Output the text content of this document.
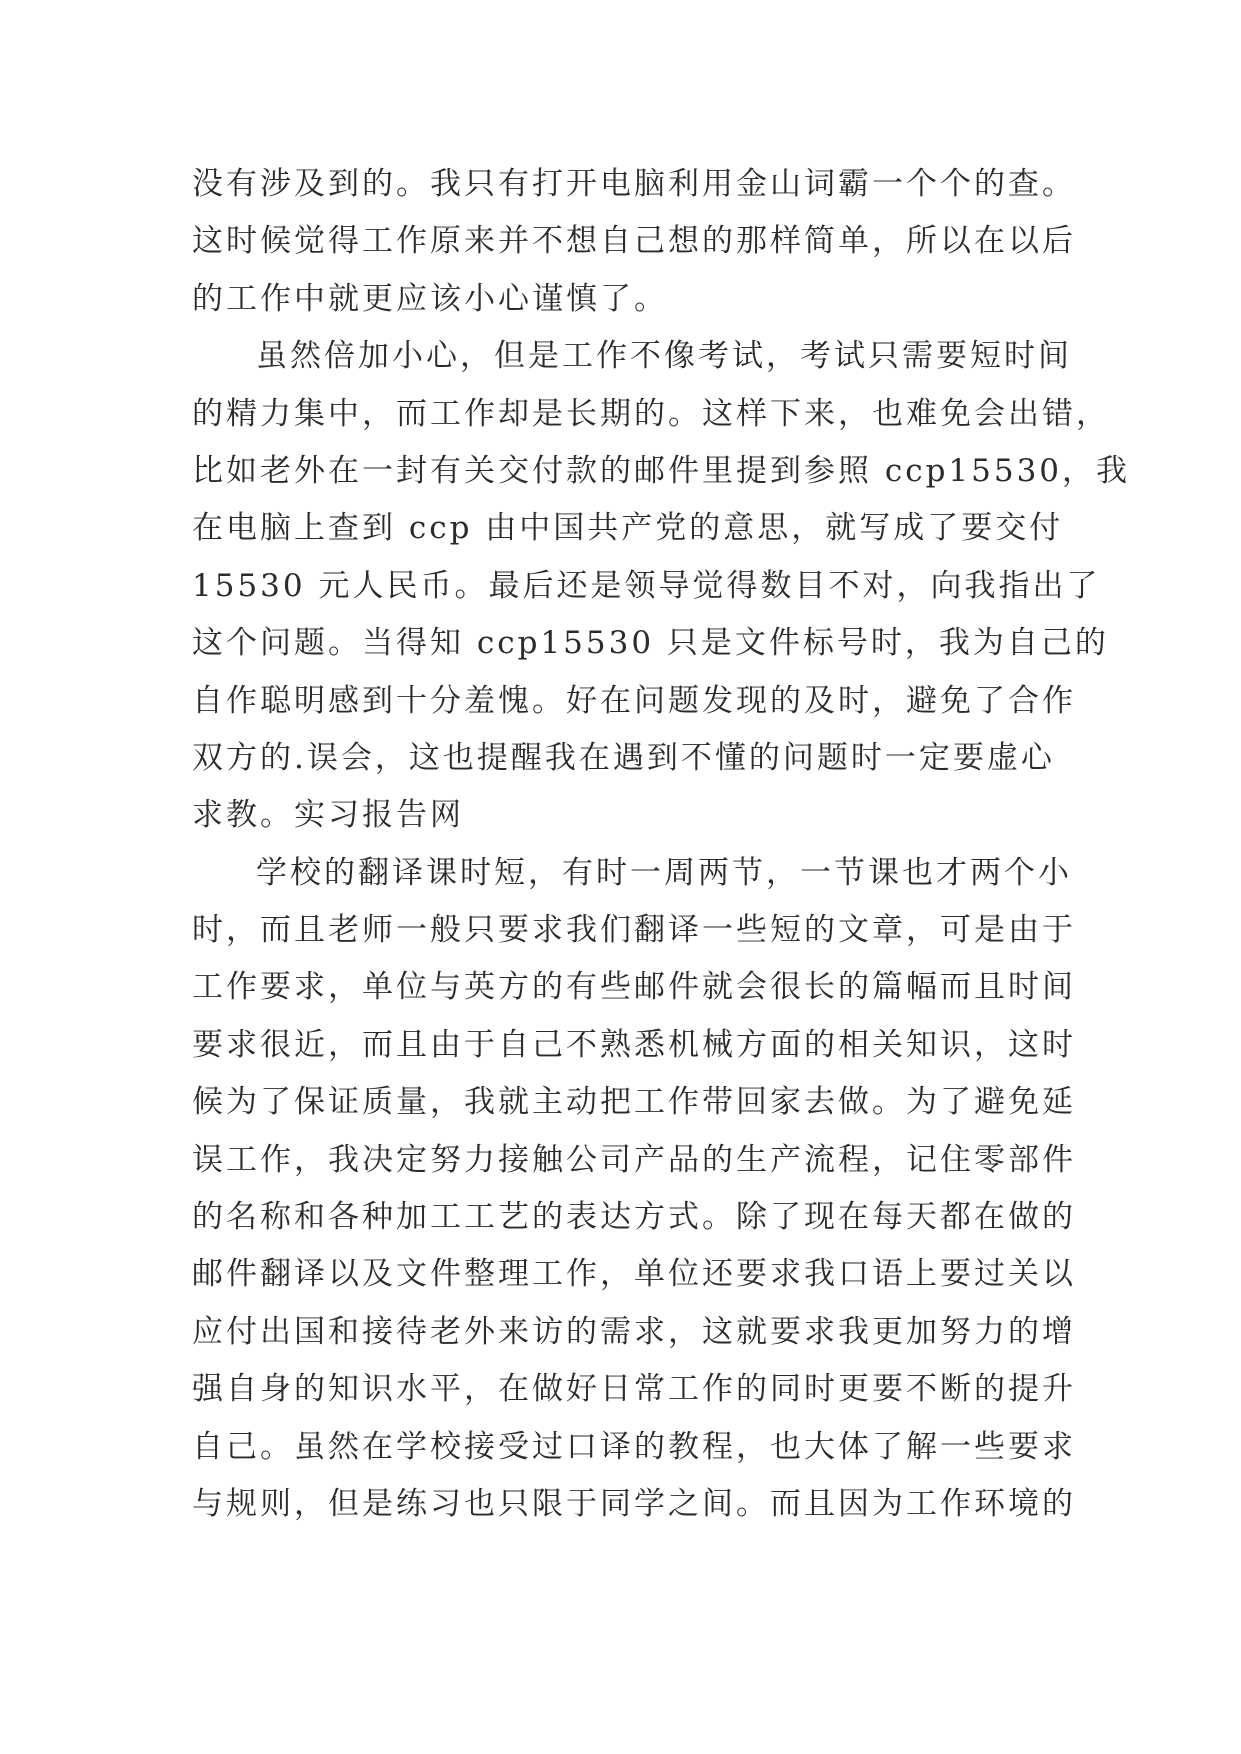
没有涉及到的。我只有打开电脑利用金山词霸一个个的查。
这时候觉得工作原来并不想自己想的那样简单，所以在以后
的工作中就更应该小心谨慎了。
虽然倍加小心，但是工作不像考试，考试只需要短时间
的精力集中，而工作却是长期的。这样下来，也难免会出错，
比如老外在一封有关交付款的邮件里提到参照 ccp15530，我
在电脑上查到 ccp 由中国共产党的意思，就写成了要交付
15530 元人民币。最后还是领导觉得数目不对，向我指出了
这个问题。当得知 ccp15530 只是文件标号时，我为自己的
自作聪明感到十分羞愧。好在问题发现的及时，避免了合作
双方的.误会，这也提醒我在遇到不懂的问题时一定要虚心
求教。实习报告网
学校的翻译课时短，有时一周两节，一节课也才两个小
时，而且老师一般只要求我们翻译一些短的文章，可是由于
工作要求，单位与英方的有些邮件就会很长的篇幅而且时间
要求很近，而且由于自己不熟悉机械方面的相关知识，这时
候为了保证质量，我就主动把工作带回家去做。为了避免延
误工作，我决定努力接触公司产品的生产流程，记住零部件
的名称和各种加工工艺的表达方式。除了现在每天都在做的
邮件翻译以及文件整理工作，单位还要求我口语上要过关以
应付出国和接待老外来访的需求，这就要求我更加努力的增
强自身的知识水平，在做好日常工作的同时更要不断的提升
自己。虽然在学校接受过口译的教程，也大体了解一些要求
与规则，但是练习也只限于同学之间。而且因为工作环境的
